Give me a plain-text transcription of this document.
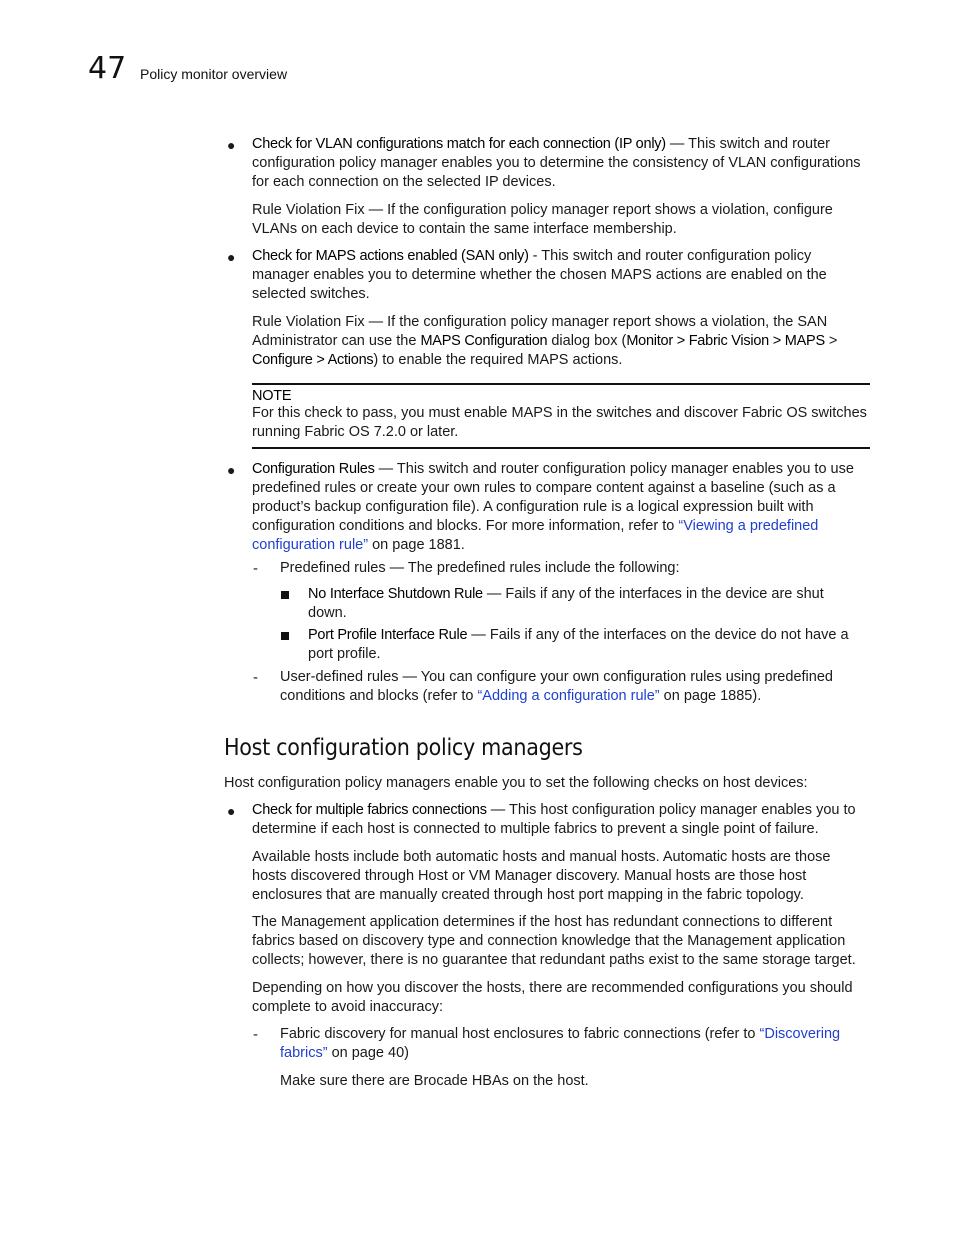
47 Policy monitor overview
● Check for VLAN configurations match for each connection (IP only) — This switch and router configuration policy manager enables you to determine the consistency of VLAN configurations for each connection on the selected IP devices.

Rule Violation Fix — If the configuration policy manager report shows a violation, configure VLANs on each device to contain the same interface membership.

● Check for MAPS actions enabled (SAN only) - This switch and router configuration policy manager enables you to determine whether the chosen MAPS actions are enabled on the selected switches.

Rule Violation Fix — If the configuration policy manager report shows a violation, the SAN Administrator can use the MAPS Configuration dialog box (Monitor > Fabric Vision > MAPS > Configure > Actions) to enable the required MAPS actions.

NOTE

For this check to pass, you must enable MAPS in the switches and discover Fabric OS switches running Fabric OS 7.2.0 or later.

● Configuration Rules — This switch and router configuration policy manager enables you to use predefined rules or create your own rules to compare content against a baseline (such as a product’s backup configuration file). A configuration rule is a logical expression built with configuration conditions and blocks. For more information, refer to “Viewing a predefined configuration rule” on page 1881.

- Predefined rules — The predefined rules include the following:

No Interface Shutdown Rule — Fails if any of the interfaces in the device are shut down.

Port Profile Interface Rule — Fails if any of the interfaces on the device do not have a port profile.

- User-defined rules — You can configure your own configuration rules using predefined conditions and blocks (refer to “Adding a configuration rule” on page 1885).

Host configuration policy managers

Host configuration policy managers enable you to set the following checks on host devices:

● Check for multiple fabrics connections — This host configuration policy manager enables you to determine if each host is connected to multiple fabrics to prevent a single point of failure.

Available hosts include both automatic hosts and manual hosts. Automatic hosts are those hosts discovered through Host or VM Manager discovery. Manual hosts are those host enclosures that are manually created through host port mapping in the fabric topology.

The Management application determines if the host has redundant connections to different fabrics based on discovery type and connection knowledge that the Management application collects; however, there is no guarantee that redundant paths exist to the same storage target.

Depending on how you discover the hosts, there are recommended configurations you should complete to avoid inaccuracy:

- Fabric discovery for manual host enclosures to fabric connections (refer to “Discovering fabrics” on page 40)

Make sure there are Brocade HBAs on the host.
